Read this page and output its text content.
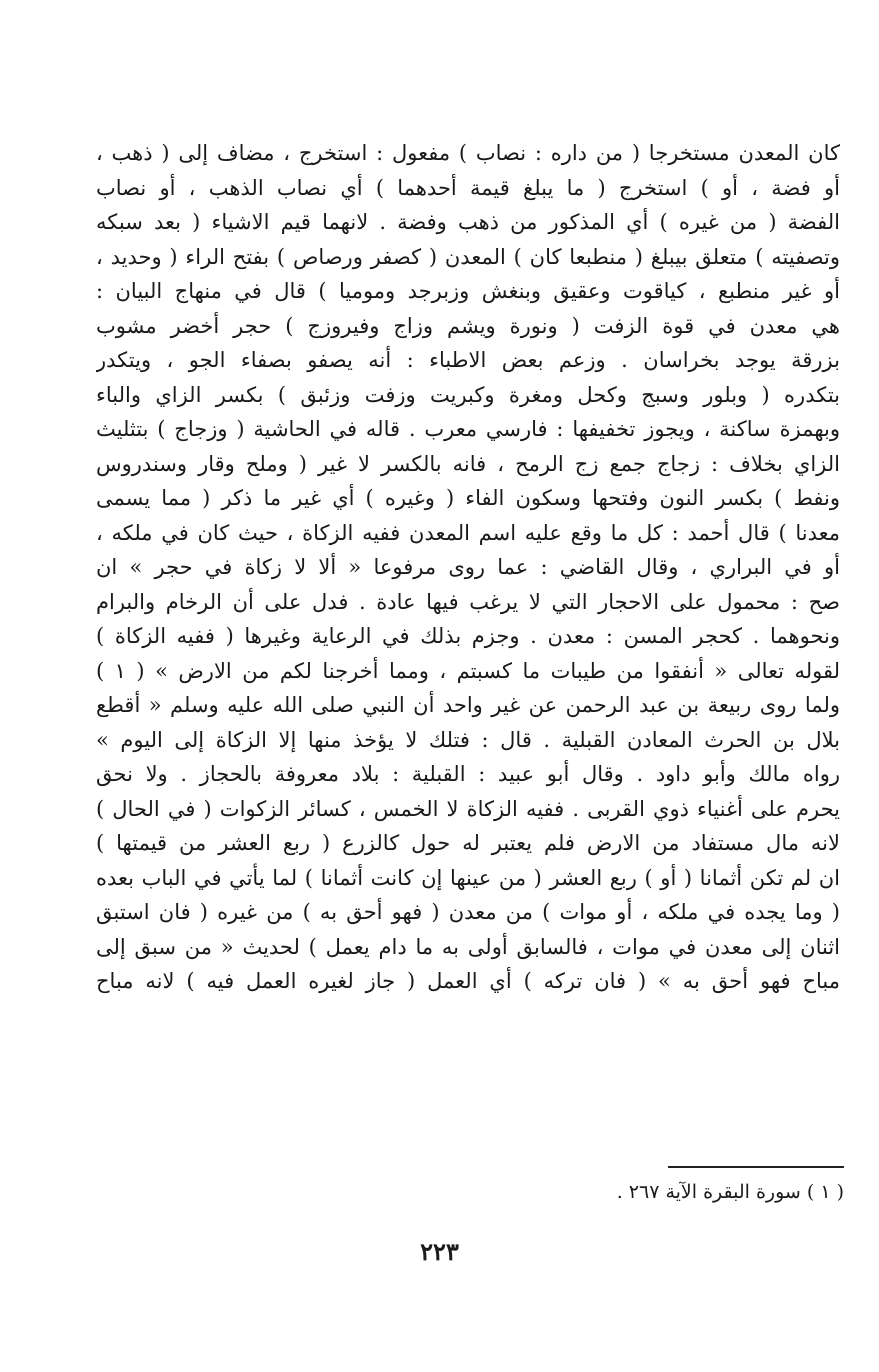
كان المعدن مستخرجا ( من داره : نصاب ) مفعول : استخرج ، مضاف إلى ( ذهب ،
أو فضة ، أو ) استخرج ( ما يبلغ قيمة أحدهما ) أي نصاب الذهب ، أو نصاب
الفضة ( من غيره ) أي المذكور من ذهب وفضة . لانهما قيم الاشياء ( بعد سبكه
وتصفيته ) متعلق بيبلغ ( منطبعا كان ) المعدن ( كصفر ورصاص ) بفتح الراء ( وحديد ،
أو غير منطبع ، كياقوت وعقيق وبنغش وزبرجد ومومیا ) قال في منهاج البيان :
هي معدن في قوة الزفت ( ونورة ويشم وزاج وفيروزج ) حجر أخضر مشوب
بزرقة يوجد بخراسان . وزعم بعض الاطباء : أنه يصفو بصفاء الجو ، ويتكدر
بتكدره ( وبلور وسبج وكحل ومغرة وكبريت وزفت وزئبق ) بكسر الزاي والباء
وبهمزة ساكنة ، ويجوز تخفيفها : فارسي معرب . قاله في الحاشية ( وزجاج ) بتثليث
الزاي بخلاف : زجاج جمع زج الرمح ، فانه بالكسر لا غير ( وملح وقار وسندروس
ونفط ) بكسر النون وفتحها وسكون الفاء ( وغيره ) أي غير ما ذكر ( مما يسمى
معدنا ) قال أحمد : كل ما وقع عليه اسم المعدن ففيه الزكاة ، حيث كان في ملكه ،
أو في البراري ، وقال القاضي : عما روى مرفوعا « ألا لا زكاة في حجر » ان
صح : محمول على الاحجار التي لا يرغب فيها عادة . فدل على أن الرخام والبرام
ونحوهما . كحجر المسن : معدن . وجزم بذلك في الرعاية وغيرها ( ففيه الزكاة )
لقوله تعالى « أنفقوا من طيبات ما كسبتم ، ومما أخرجنا لكم من الارض » ( ١ )
ولما روى ربيعة بن عبد الرحمن عن غير واحد أن النبي صلى الله عليه وسلم « أقطع
بلال بن الحرث المعادن القبلية . قال : فتلك لا يؤخذ منها إلا الزكاة إلى اليوم »
رواه مالك وأبو داود . وقال أبو عبيد : القبلية : بلاد معروفة بالحجاز . ولا نحق
يحرم على أغنياء ذوي القربى . ففيه الزكاة لا الخمس ، كسائر الزكوات ( في الحال )
لانه مال مستفاد من الارض فلم يعتبر له حول كالزرع ( ربع العشر من قيمتها )
ان لم تكن أثمانا ( أو ) ربع العشر ( من عينها إن كانت أثمانا ) لما يأتي في الباب بعده
( وما يجده في ملكه ، أو موات ) من معدن ( فهو أحق به ) من غيره ( فان استبق
اثنان إلى معدن في موات ، فالسابق أولى به ما دام يعمل ) لحديث « من سبق إلى
مباح فهو أحق به » ( فان تركه ) أي العمل ( جاز لغيره العمل فيه ) لانه مباح
( ١ ) سورة البقرة الآية ٢٦٧ .
٢٢٣
